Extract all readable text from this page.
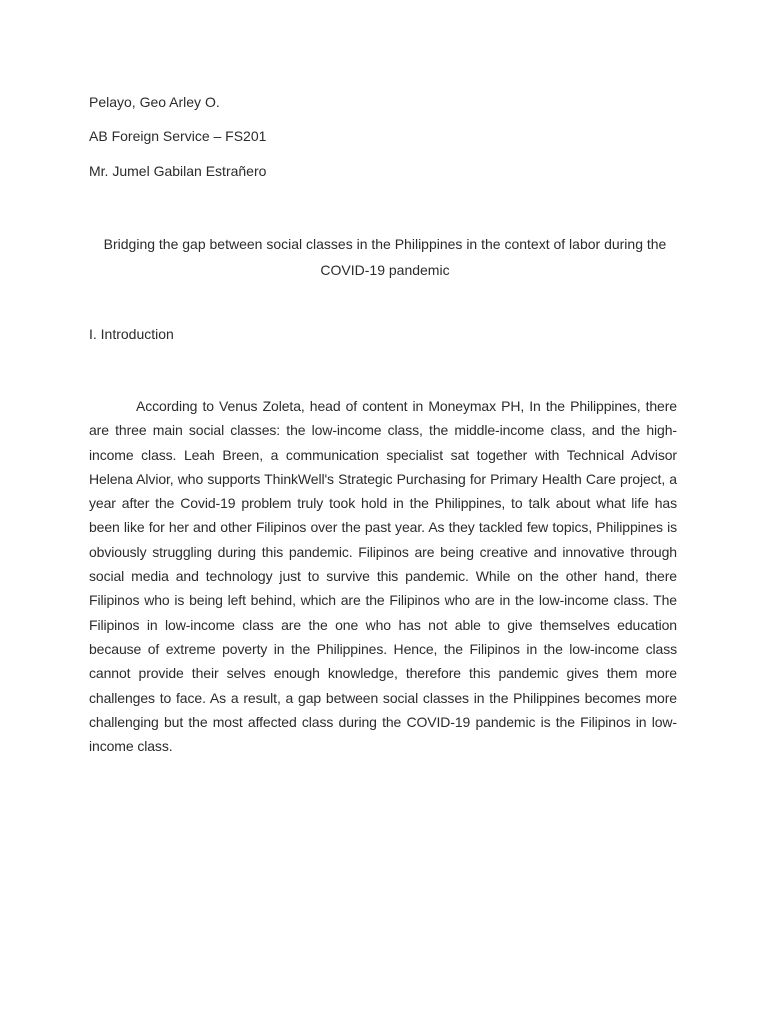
Pelayo, Geo Arley O.

AB Foreign Service – FS201

Mr. Jumel Gabilan Estrañero

Bridging the gap between social classes in the Philippines in the context of labor during the COVID-19 pandemic
I. Introduction

According to Venus Zoleta, head of content in Moneymax PH, In the Philippines, there are three main social classes: the low-income class, the middle-income class, and the high-income class. Leah Breen, a communication specialist sat together with Technical Advisor Helena Alvior, who supports ThinkWell's Strategic Purchasing for Primary Health Care project, a year after the Covid-19 problem truly took hold in the Philippines, to talk about what life has been like for her and other Filipinos over the past year. As they tackled few topics, Philippines is obviously struggling during this pandemic. Filipinos are being creative and innovative through social media and technology just to survive this pandemic. While on the other hand, there Filipinos who is being left behind, which are the Filipinos who are in the low-income class. The Filipinos in low-income class are the one who has not able to give themselves education because of extreme poverty in the Philippines. Hence, the Filipinos in the low-income class cannot provide their selves enough knowledge, therefore this pandemic gives them more challenges to face. As a result, a gap between social classes in the Philippines becomes more challenging but the most affected class during the COVID-19 pandemic is the Filipinos in low-income class.
